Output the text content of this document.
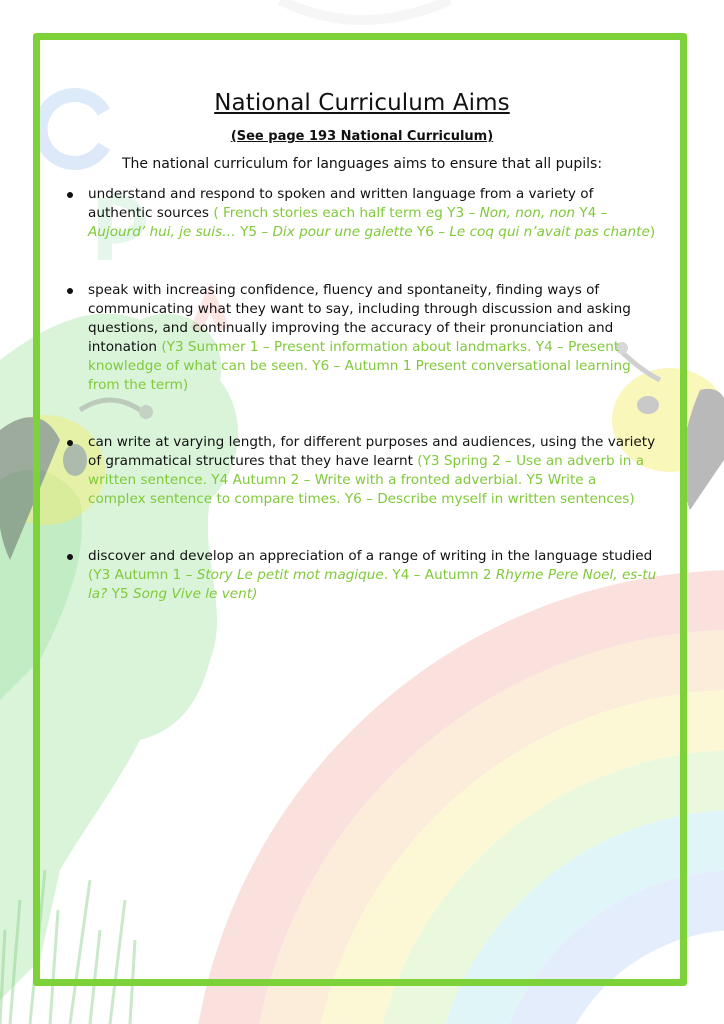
National Curriculum Aims
(See page 193 National Curriculum)
The national curriculum for languages aims to ensure that all pupils:
understand and respond to spoken and written language from a variety of authentic sources ( French stories each half term eg Y3 – Non, non, non Y4 – Aujourd’ hui, je suis… Y5 – Dix pour une galette Y6 – Le coq qui n’avait pas chante)
speak with increasing confidence, fluency and spontaneity, finding ways of communicating what they want to say, including through discussion and asking questions, and continually improving the accuracy of their pronunciation and intonation (Y3 Summer 1 – Present information about landmarks. Y4 – Present knowledge of what can be seen. Y6 – Autumn 1 Present conversational learning from the term)
can write at varying length, for different purposes and audiences, using the variety of grammatical structures that they have learnt (Y3 Spring 2 – Use an adverb in a written sentence. Y4 Autumn 2 – Write with a fronted adverbial. Y5 Write a complex sentence to compare times. Y6 – Describe myself in written sentences)
discover and develop an appreciation of a range of writing in the language studied (Y3 Autumn 1 – Story Le petit mot magique. Y4 – Autumn 2 Rhyme Pere Noel, es-tu la? Y5 Song Vive le vent)
